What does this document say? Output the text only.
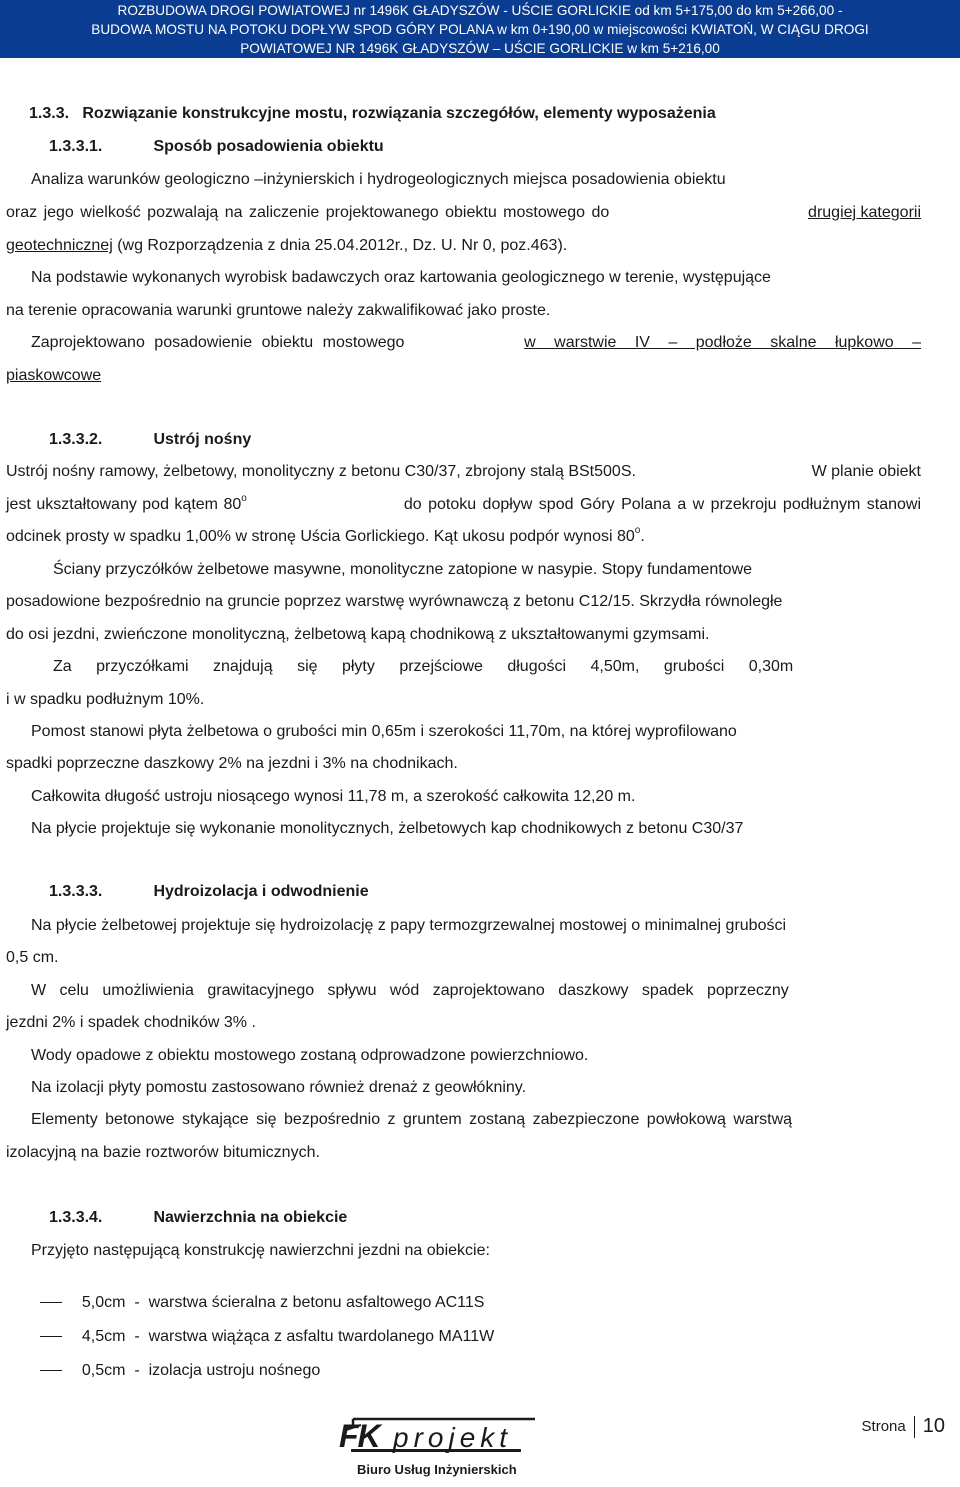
ROZBUDOWA DROGI POWIATOWEJ nr 1496K GŁADYSZÓW - UŚCIE GORLICKIE od km 5+175,00 do km 5+266,00 -
BUDOWA MOSTU NA POTOKU DOPŁYW SPOD GÓRY POLANA w km 0+190,00 w miejscowości KWIATOŃ, W CIĄGU DROGI
POWIATOWEJ NR 1496K GŁADYSZÓW – UŚCIE GORLICKIE w km 5+216,00
1.3.3. Rozwiązanie konstrukcyjne mostu, rozwiązania szczegółów, elementy wyposażenia
1.3.3.1.	Sposób posadowienia obiektu
Analiza warunków geologiczno –inżynierskich i hydrogeologicznych miejsca posadowienia obiektu
oraz jego wielkość pozwalają na zaliczenie projektowanego obiektu mostowego do	drugiej kategorii
geotechnicznej (wg Rozporządzenia z dnia 25.04.2012r., Dz. U. Nr 0, poz.463).
Na podstawie wykonanych wyrobisk badawczych oraz kartowania geologicznego w terenie, występujące
na terenie opracowania warunki gruntowe należy zakwalifikować jako proste.
Zaprojektowano posadowienie obiektu mostowego	w warstwie IV – podłoże skalne łupkowo –
piaskowcowe
1.3.3.2.	Ustrój nośny
Ustrój nośny ramowy, żelbetowy, monolityczny z betonu C30/37, zbrojony stalą BSt500S.	W planie obiekt
jest ukształtowany pod kątem 80$^o$	do potoku dopływ spod Góry Polana a w przekroju podłużnym stanowi
odcinek prosty w spadku 1,00% w stronę Uścia Gorlickiego. Kąt ukosu podpór wynosi 80$^o$.
Ściany przyczółków żelbetowe masywne, monolityczne zatopione w nasypie. Stopy fundamentowe
posadowione bezpośrednio na gruncie poprzez warstwę wyrównawczą z betonu C12/15. Skrzydła równoległe
do osi jezdni, zwieńczone monolityczną, żelbetową kapą chodnikową z ukształtowanymi gzymsami.
Za przyczółkami znajdują się płyty przejściowe długości 4,50m, grubości 0,30m
i w spadku podłużnym 10%.
Pomost stanowi płyta żelbetowa o grubości min 0,65m i szerokości 11,70m, na której wyprofilowano
spadki poprzeczne daszkowy 2% na jezdni i 3% na chodnikach.
Całkowita długość ustroju niosącego wynosi 11,78 m, a szerokość całkowita 12,20 m.
Na płycie projektuje się wykonanie monolitycznych, żelbetowych kap chodnikowych z betonu C30/37
1.3.3.3.	Hydroizolacja i odwodnienie
Na płycie żelbetowej projektuje się hydroizolację z papy termozgrzewalnej mostowej o minimalnej grubości
0,5 cm.
W celu umożliwienia grawitacyjnego spływu wód zaprojektowano daszkowy spadek poprzeczny
jezdni 2% i spadek chodników 3% .
Wody opadowe z obiektu mostowego zostaną odprowadzone powierzchniowo.
Na izolacji płyty pomostu zastosowano również drenaż z geowłókniny.
Elementy betonowe stykające się bezpośrednio z gruntem zostaną zabezpieczone powłokową warstwą
izolacyjną na bazie roztworów bitumicznych.
1.3.3.4.	Nawierzchnia na obiekcie
Przyjęto następującą konstrukcję nawierzchni jezdni na obiekcie:

5,0cm  -  warstwa ścieralna z betonu asfaltowego AC11S

4,5cm  -  warstwa wiążąca z asfaltu twardolanego MA11W

0,5cm  -  izolacja ustroju nośnego

FK projekt
Biuro Usług Inżynierskich
Strona 10
